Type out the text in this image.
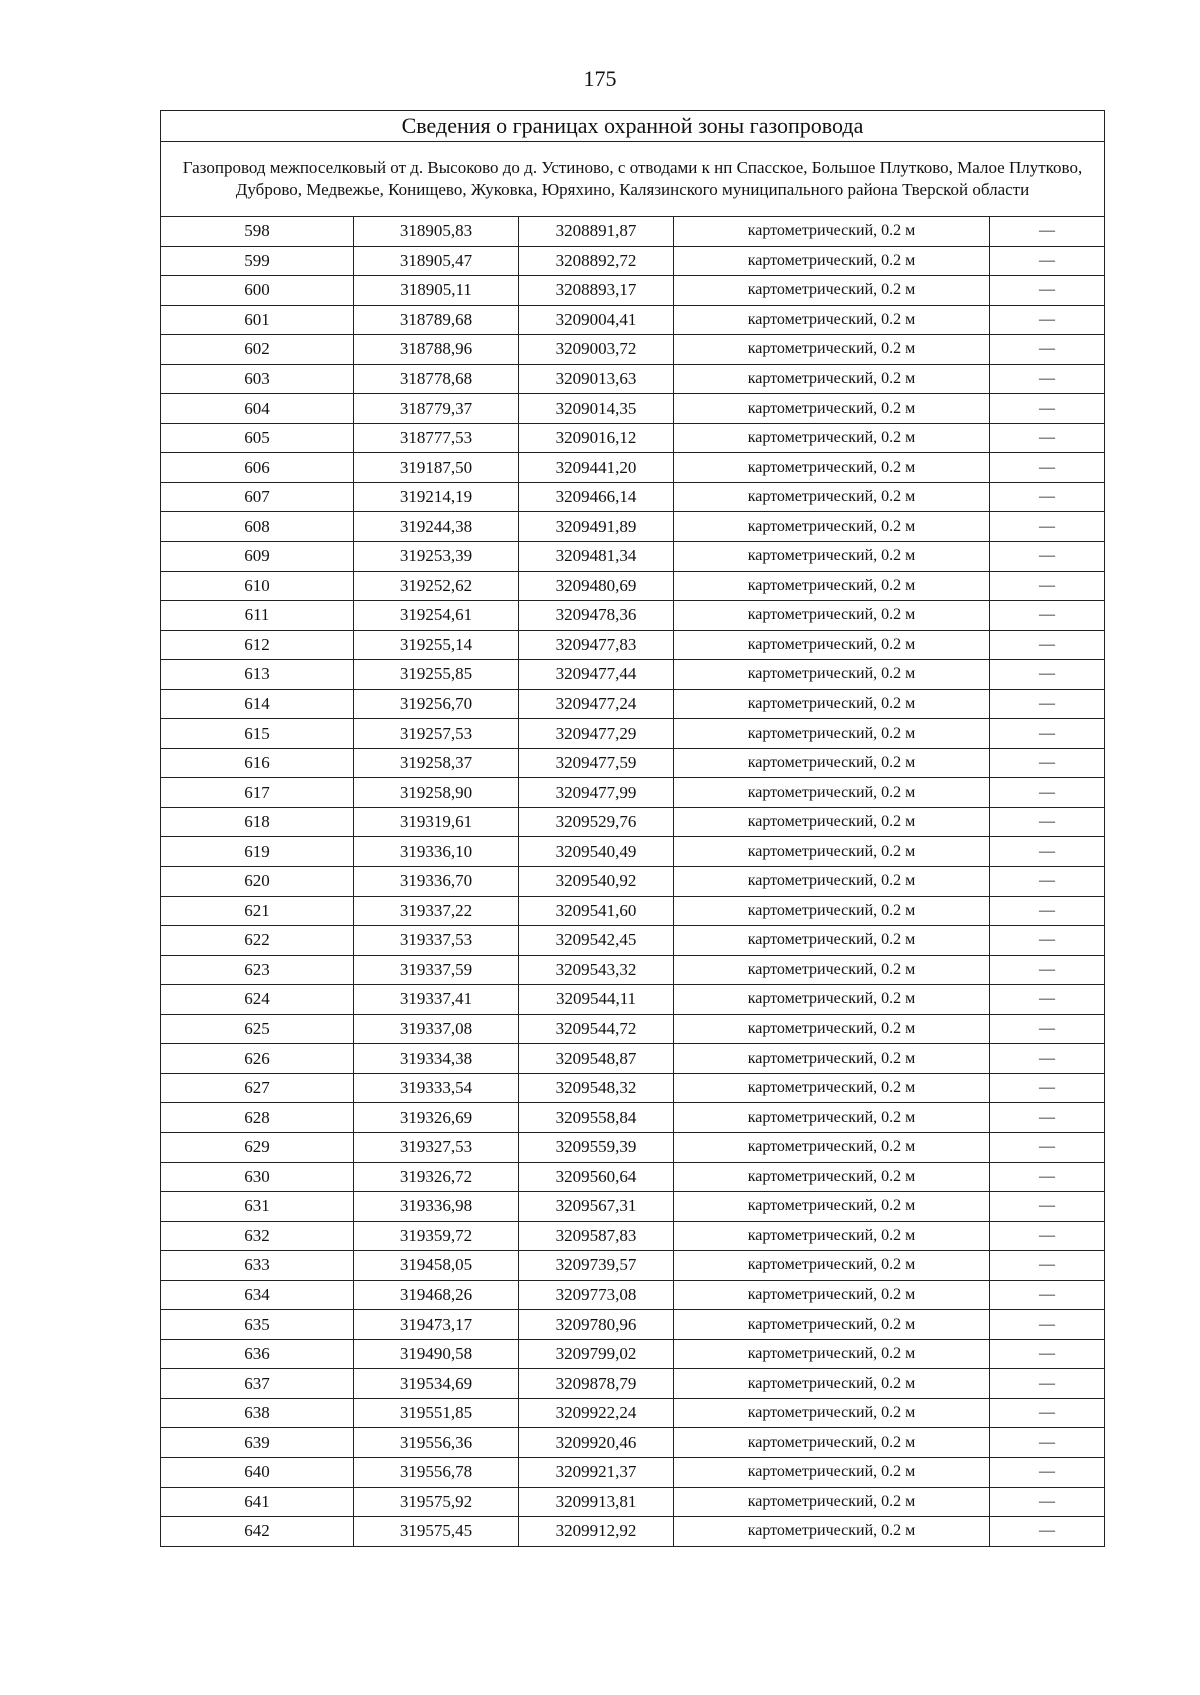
175
Сведения о границах охранной зоны газопровода				
Газопровод межпоселковый от д. Высоково до д. Устиново, с отводами к нп Спасское, Большое Плутково, Малое Плутково, Дуброво, Медвежье, Конищево, Жуковка, Юряхино, Калязинского муниципального района Тверской области				
598	318905,83	3208891,87	картометрический, 0.2 м	—
599	318905,47	3208892,72	картометрический, 0.2 м	—
600	318905,11	3208893,17	картометрический, 0.2 м	—
601	318789,68	3209004,41	картометрический, 0.2 м	—
602	318788,96	3209003,72	картометрический, 0.2 м	—
603	318778,68	3209013,63	картометрический, 0.2 м	—
604	318779,37	3209014,35	картометрический, 0.2 м	—
605	318777,53	3209016,12	картометрический, 0.2 м	—
606	319187,50	3209441,20	картометрический, 0.2 м	—
607	319214,19	3209466,14	картометрический, 0.2 м	—
608	319244,38	3209491,89	картометрический, 0.2 м	—
609	319253,39	3209481,34	картометрический, 0.2 м	—
610	319252,62	3209480,69	картометрический, 0.2 м	—
611	319254,61	3209478,36	картометрический, 0.2 м	—
612	319255,14	3209477,83	картометрический, 0.2 м	—
613	319255,85	3209477,44	картометрический, 0.2 м	—
614	319256,70	3209477,24	картометрический, 0.2 м	—
615	319257,53	3209477,29	картометрический, 0.2 м	—
616	319258,37	3209477,59	картометрический, 0.2 м	—
617	319258,90	3209477,99	картометрический, 0.2 м	—
618	319319,61	3209529,76	картометрический, 0.2 м	—
619	319336,10	3209540,49	картометрический, 0.2 м	—
620	319336,70	3209540,92	картометрический, 0.2 м	—
621	319337,22	3209541,60	картометрический, 0.2 м	—
622	319337,53	3209542,45	картометрический, 0.2 м	—
623	319337,59	3209543,32	картометрический, 0.2 м	—
624	319337,41	3209544,11	картометрический, 0.2 м	—
625	319337,08	3209544,72	картометрический, 0.2 м	—
626	319334,38	3209548,87	картометрический, 0.2 м	—
627	319333,54	3209548,32	картометрический, 0.2 м	—
628	319326,69	3209558,84	картометрический, 0.2 м	—
629	319327,53	3209559,39	картометрический, 0.2 м	—
630	319326,72	3209560,64	картометрический, 0.2 м	—
631	319336,98	3209567,31	картометрический, 0.2 м	—
632	319359,72	3209587,83	картометрический, 0.2 м	—
633	319458,05	3209739,57	картометрический, 0.2 м	—
634	319468,26	3209773,08	картометрический, 0.2 м	—
635	319473,17	3209780,96	картометрический, 0.2 м	—
636	319490,58	3209799,02	картометрический, 0.2 м	—
637	319534,69	3209878,79	картометрический, 0.2 м	—
638	319551,85	3209922,24	картометрический, 0.2 м	—
639	319556,36	3209920,46	картометрический, 0.2 м	—
640	319556,78	3209921,37	картометрический, 0.2 м	—
641	319575,92	3209913,81	картометрический, 0.2 м	—
642	319575,45	3209912,92	картометрический, 0.2 м	—
